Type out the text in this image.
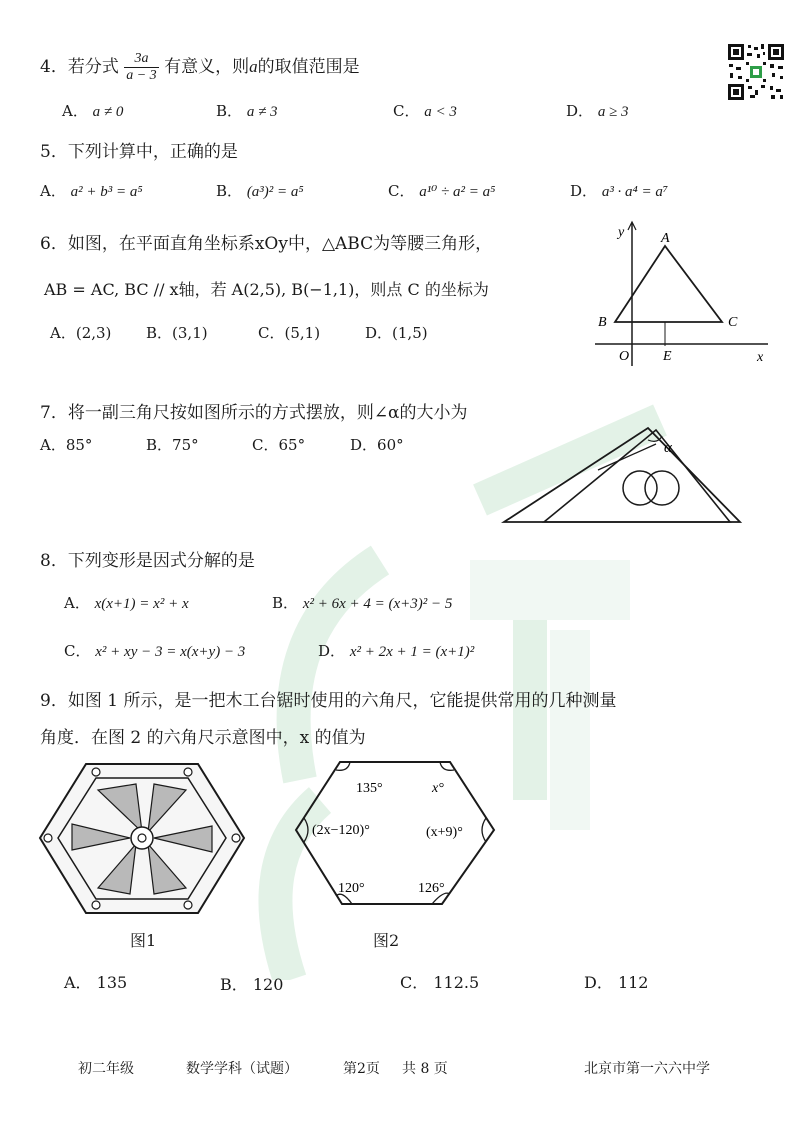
4．若分式 $\frac{3a}{a - 3}$ 有意义，则a的取值范围是
A． a ≠ 0	B． a ≠ 3	C． a < 3	D． a ≥ 3
5．下列计算中，正确的是
A． a² + b³ = a⁵	B． (a³)² = a⁵	C． a¹⁰ ÷ a² = a⁵	D． a³ · a⁴ = a⁷
6．如图，在平面直角坐标系xOy中，△ABC为等腰三角形，
AB = AC, BC // x轴，若 A(2,5), B(−1,1)，则点 C 的坐标为
A．(2,3) B．(3,1)	C．(5,1)	D．(1,5)
y	A
B	C
O E	x
7．将一副三角尺按如图所示的方式摆放，则∠α的大小为
A．85°	B．75°	C．65°	D．60°	α
8．下列变形是因式分解的是
A． x(x+1) = x² + x	B． x² + 6x + 4 = (x+3)² − 5
C． x² + xy − 3 = x(x+y) − 3	D． x² + 2x + 1 = (x+1)²
9．如图 1 所示，是一把木工台锯时使用的六角尺，它能提供常用的几种测量
角度．在图 2 的六角尺示意图中，x 的值为
135°	x°
(2x−120)°	(x+9)°
120°	126°
图1	图2
A． 135	B． 120	C． 112.5	D． 112
初二年级	数学学科（试题）	第2页 共 8 页	北京市第一六六中学
